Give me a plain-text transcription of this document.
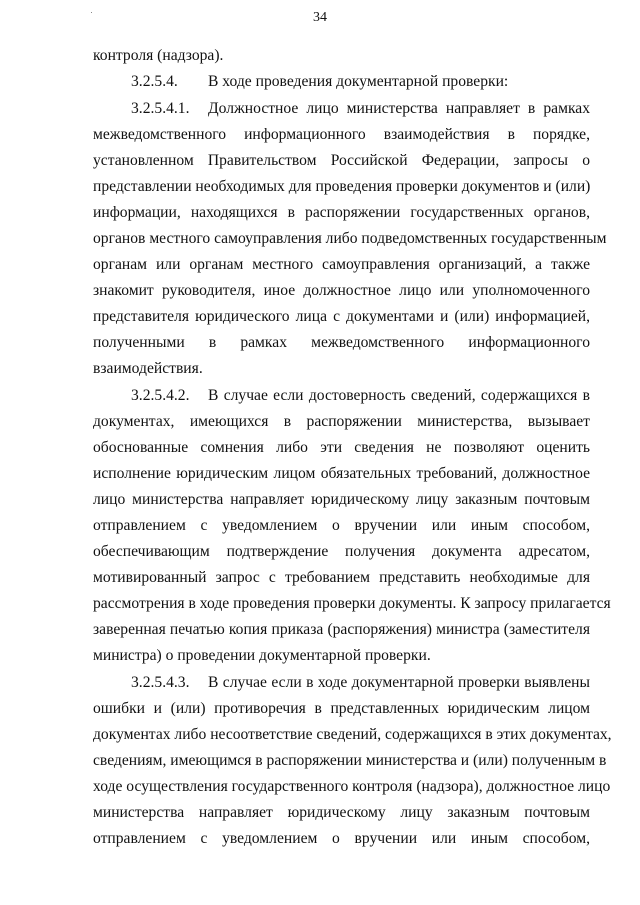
34
контроля (надзора).
3.2.5.4.	В ходе проведения документарной проверки:
3.2.5.4.1.	Должностное лицо министерства направляет в рамках
межведомственного информационного взаимодействия в порядке,
установленном Правительством Российской Федерации, запросы о
представлении необходимых для проведения проверки документов и (или)
информации, находящихся в распоряжении государственных органов,
органов местного самоуправления либо подведомственных государственным
органам или органам местного самоуправления организаций, а также
знакомит руководителя, иное должностное лицо или уполномоченного
представителя юридического лица с документами и (или) информацией,
полученными в рамках межведомственного информационного
взаимодействия.
3.2.5.4.2.	В случае если достоверность сведений, содержащихся в
документах, имеющихся в распоряжении министерства, вызывает
обоснованные сомнения либо эти сведения не позволяют оценить
исполнение юридическим лицом обязательных требований, должностное
лицо министерства направляет юридическому лицу заказным почтовым
отправлением с уведомлением о вручении или иным способом,
обеспечивающим подтверждение получения документа адресатом,
мотивированный запрос с требованием представить необходимые для
рассмотрения в ходе проведения проверки документы. К запросу прилагается
заверенная печатью копия приказа (распоряжения) министра (заместителя
министра) о проведении документарной проверки.
3.2.5.4.3.	В случае если в ходе документарной проверки выявлены
ошибки и (или) противоречия в представленных юридическим лицом
документах либо несоответствие сведений, содержащихся в этих документах,
сведениям, имеющимся в распоряжении министерства и (или) полученным в
ходе осуществления государственного контроля (надзора), должностное лицо
министерства направляет юридическому лицу заказным почтовым
отправлением с уведомлением о вручении или иным способом,
